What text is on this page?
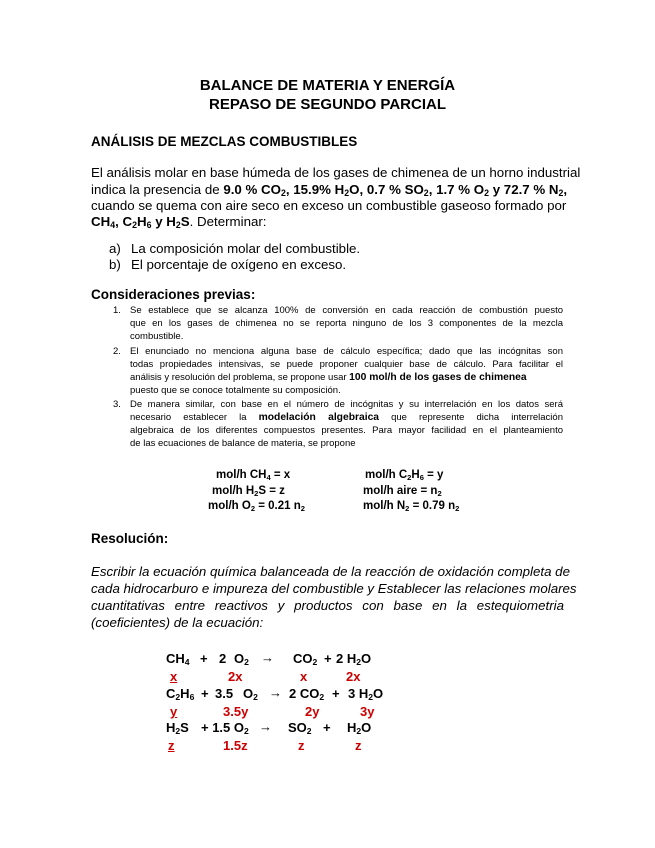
BALANCE DE MATERIA Y ENERGÍA
REPASO DE SEGUNDO PARCIAL
ANÁLISIS DE MEZCLAS COMBUSTIBLES
El análisis molar en base húmeda de los gases de chimenea de un horno industrial
indica la presencia de 9.0 % $CO_2$, 15.9% $H_2O$, 0.7 % $SO_2$, 1.7 % $O_2$ y 72.7 % $N_2$,
cuando se quema con aire seco en exceso un combustible gaseoso formado por
$CH_4$, $C_2H_6$ y $H_2S$. Determinar:
a) La composición molar del combustible.
b) El porcentaje de oxígeno en exceso.
Consideraciones previas:
1. Se establece que se alcanza 100% de conversión en cada reacción de combustión puesto
que en los gases de chimenea no se reporta ninguno de los 3 componentes de la mezcla
combustible.
2. El enunciado no menciona alguna base de cálculo específica; dado que las incógnitas son
todas propiedades intensivas, se puede proponer cualquier base de cálculo. Para facilitar el
análisis y resolución del problema, se propone usar 100 mol/h de los gases de chimenea
puesto que se conoce totalmente su composición.
3. De manera similar, con base en el número de incógnitas y su interrelación en los datos será
necesario establecer la modelación algebraica que represente dicha interrelación
algebraica de los diferentes compuestos presentes. Para mayor facilidad en el planteamiento
de las ecuaciones de balance de materia, se propone
mol/h $CH_4 = x$	mol/h $C_2H_6 = y$
mol/h $H_2S = z$	mol/h aire = $n_2$
mol/h $O_2 = 0.21$ $n_2$	mol/h $N_2 = 0.79$ $n_2$
Resolución:
Escribir la ecuación química balanceada de la reacción de oxidación completa de
cada hidrocarburo e impureza del combustible y Establecer las relaciones molares
cuantitativas entre reactivos y productos con base en la estequiometria
(coeficientes) de la ecuación:
$CH_4 + 2$ $O_2 \to CO_2 + 2$ $H_2O$
x	2x	x	2x
$C_2H_6 + 3.5$ $O_2 \to 2$ $CO_2 + 3$ $H_2O$
y	3.5y	2y	3y
$H_2S + 1.5$ $O_2 \to SO_2 + H_2O$
z	1.5z	z	z
